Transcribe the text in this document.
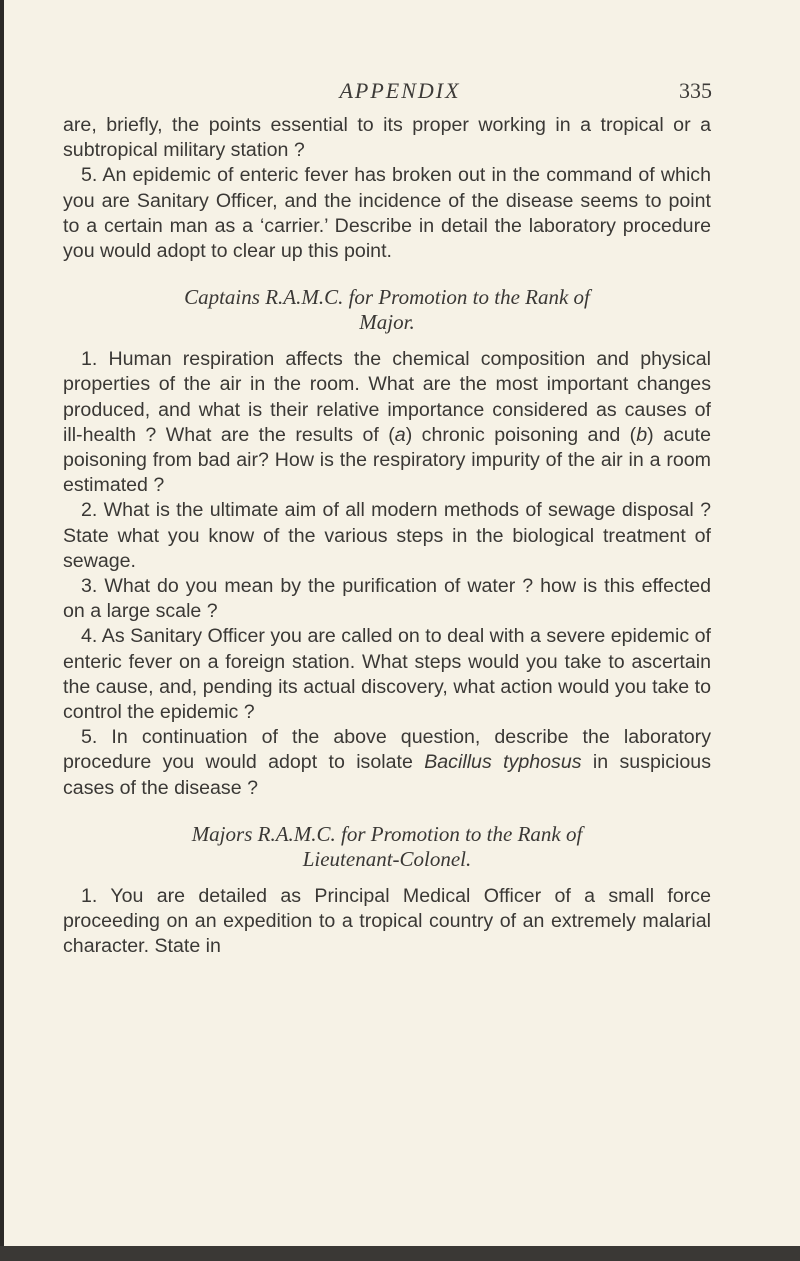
APPENDIX	335

are, briefly, the points essential to its proper working in a tropical or a subtropical military station ?

5. An epidemic of enteric fever has broken out in the command of which you are Sanitary Officer, and the incidence of the disease seems to point to a certain man as a ‘carrier.’ Describe in detail the laboratory procedure you would adopt to clear up this point.

Captains R.A.M.C. for Promotion to the Rank of
Major.

1. Human respiration affects the chemical composition and physical properties of the air in the room. What are the most important changes produced, and what is their relative importance considered as causes of ill-health ? What are the results of (a) chronic poisoning and (b) acute poisoning from bad air? How is the respiratory impurity of the air in a room estimated ?

2. What is the ultimate aim of all modern methods of sewage disposal ? State what you know of the various steps in the biological treatment of sewage.

3. What do you mean by the purification of water ? how is this effected on a large scale ?

4. As Sanitary Officer you are called on to deal with a severe epidemic of enteric fever on a foreign station. What steps would you take to ascertain the cause, and, pending its actual discovery, what action would you take to control the epidemic ?

5. In continuation of the above question, describe the laboratory procedure you would adopt to isolate Bacillus typhosus in suspicious cases of the disease ?

Majors R.A.M.C. for Promotion to the Rank of
Lieutenant-Colonel.

1. You are detailed as Principal Medical Officer of a small force proceeding on an expedition to a tropical country of an extremely malarial character. State in
